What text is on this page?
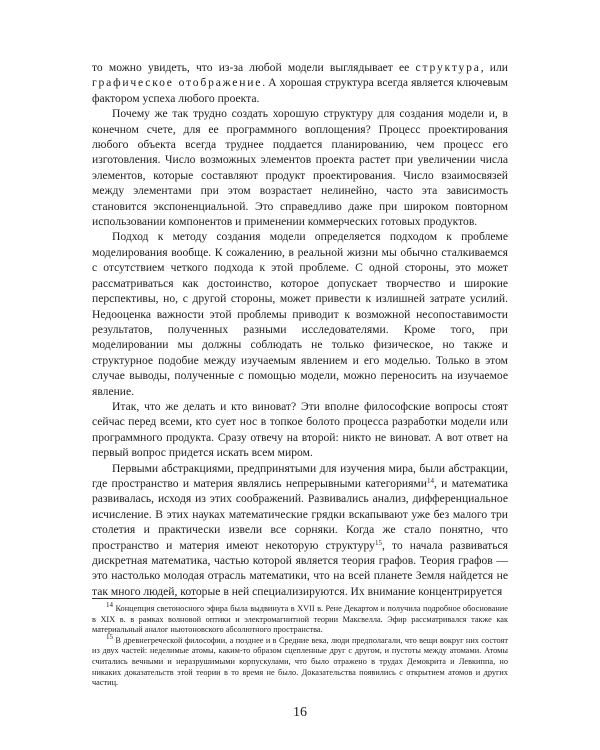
то можно увидеть, что из-за любой модели выглядывает ее структура, или графическое отображение. А хорошая структура всегда является ключевым фактором успеха любого проекта.

Почему же так трудно создать хорошую структуру для создания модели и, в конечном счете, для ее программного воплощения? Процесс проектирования любого объекта всегда труднее поддается планированию, чем процесс его изготовления. Число возможных элементов проекта растет при увеличении числа элементов, которые составляют продукт проектирования. Число взаимосвязей между элементами при этом возрастает нелинейно, часто эта зависимость становится экспоненциальной. Это справедливо даже при широком повторном использовании компонентов и применении коммерческих готовых продуктов.

Подход к методу создания модели определяется подходом к проблеме моделирования вообще. К сожалению, в реальной жизни мы обычно сталкиваемся с отсутствием четкого подхода к этой проблеме. С одной стороны, это может рассматриваться как достоинство, которое допускает творчество и широкие перспективы, но, с другой стороны, может привести к излишней затрате усилий. Недооценка важности этой проблемы приводит к возможной несопоставимости результатов, полученных разными исследователями. Кроме того, при моделировании мы должны соблюдать не только физическое, но также и структурное подобие между изучаемым явлением и его моделью. Только в этом случае выводы, полученные с помощью модели, можно переносить на изучаемое явление.

Итак, что же делать и кто виноват? Эти вполне философские вопросы стоят сейчас перед всеми, кто сует нос в топкое болото процесса разработки модели или программного продукта. Сразу отвечу на второй: никто не виноват. А вот ответ на первый вопрос придется искать всем миром.

Первыми абстракциями, предпринятыми для изучения мира, были абстракции, где пространство и материя являлись непрерывными категориями$^{14}$, и математика развивалась, исходя из этих соображений. Развивались анализ, дифференциальное исчисление. В этих науках математические грядки вскапывают уже без малого три столетия и практически извели все сорняки. Когда же стало понятно, что пространство и материя имеют некоторую структуру$^{15}$, то начала развиваться дискретная математика, частью которой является теория графов. Теория графов — это настолько молодая отрасль математики, что на всей планете Земля найдется не так много людей, которые в ней специализируются. Их внимание концентрируется

$^{14}$ Концепция светоносного эфира была выдвинута в XVII в. Рене Декартом и получила подробное обоснование в XIX в. в рамках волновой оптики и электромагнитной теории Максвелла. Эфир рассматривался также как материальный аналог ньютоновского абсолютного пространства.

$^{15}$ В древнегреческой философии, а позднее и в Средние века, люди предполагали, что вещи вокруг них состоят из двух частей: неделимые атомы, каким-то образом сцепленные друг с другом, и пустоты между атомами. Атомы считались вечными и неразрушимыми корпускулами, что было отражено в трудах Демокрита и Левкиппа, но никаких доказательств этой теории в то время не было. Доказательства появились с открытием атомов и других частиц.

16
